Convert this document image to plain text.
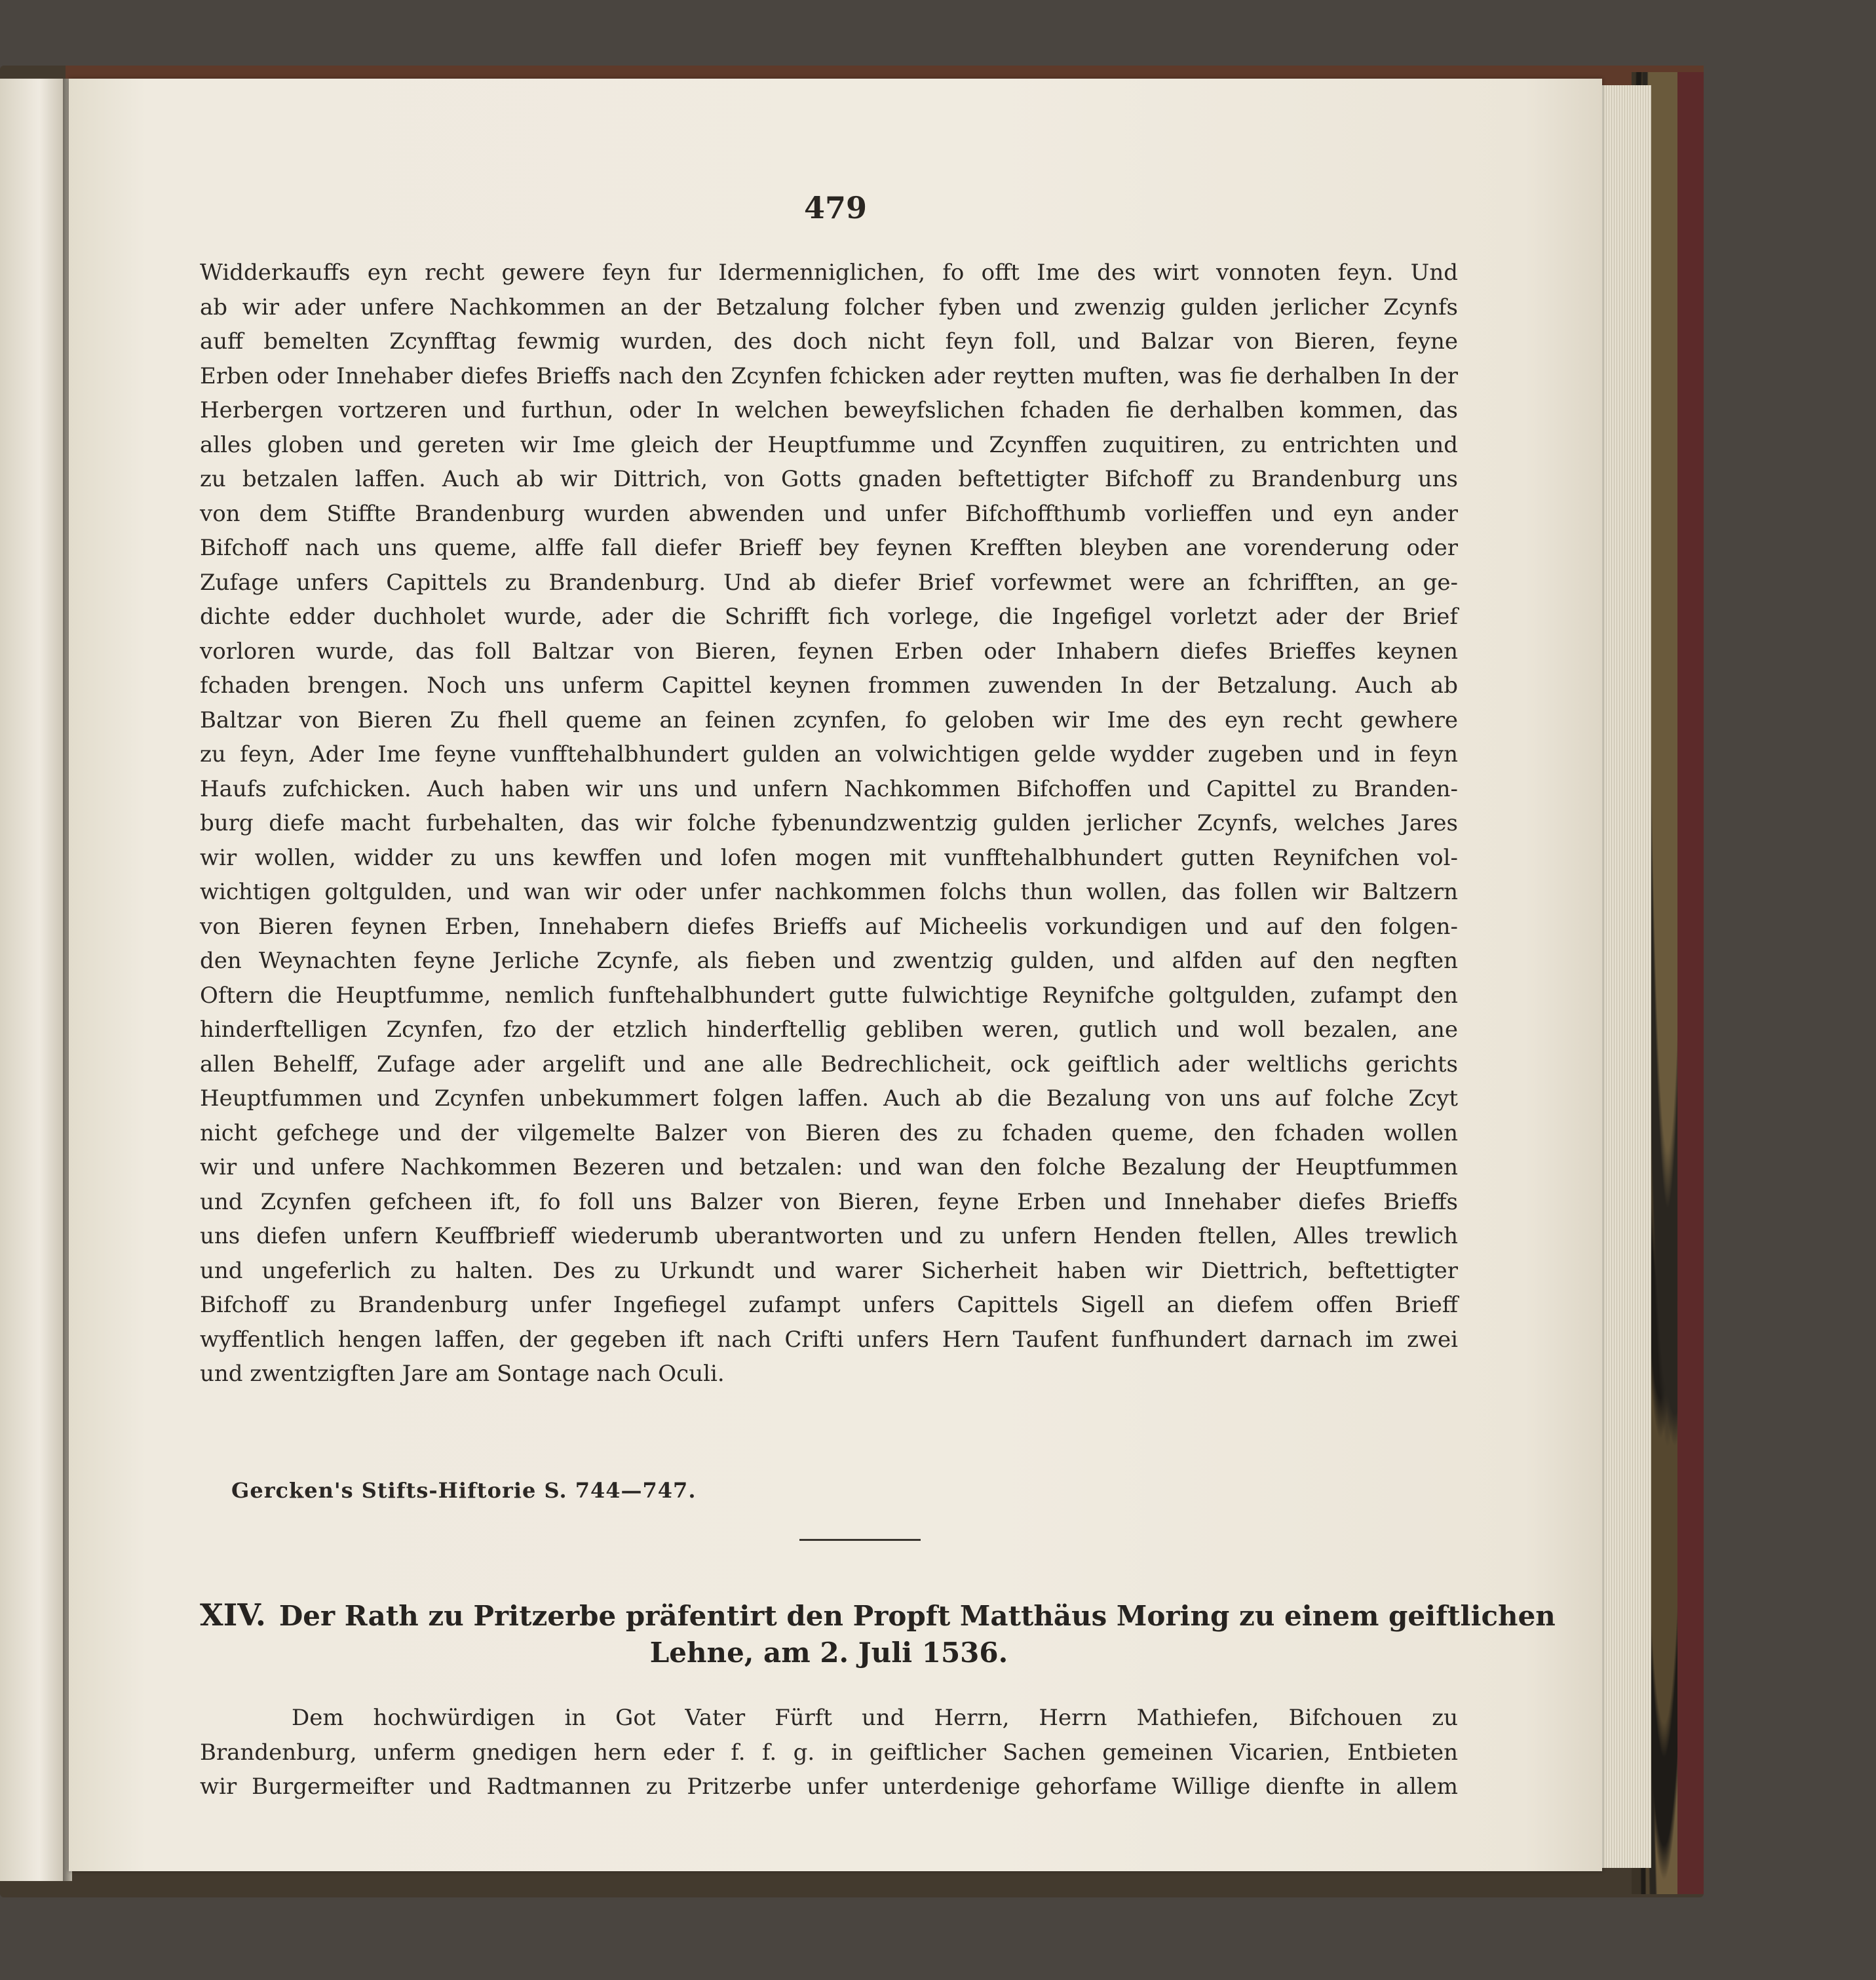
479
Widderkauffs eyn recht gewere feyn fur Idermenniglichen, fo offt Ime des wirt vonnoten feyn. Und
ab wir ader unfere Nachkommen an der Betzalung folcher fyben und zwenzig gulden jerlicher Zcynfs
auff bemelten Zcynfftag fewmig wurden, des doch nicht feyn foll, und Balzar von Bieren, feyne
Erben oder Innehaber diefes Brieffs nach den Zcynfen fchicken ader reytten muften, was fie derhalben In der
Herbergen vortzeren und furthun, oder In welchen beweyfslichen fchaden fie derhalben kommen, das
alles globen und gereten wir Ime gleich der Heuptfumme und Zcynffen zuquitiren, zu entrichten und
zu betzalen laffen. Auch ab wir Dittrich, von Gotts gnaden beftettigter Bifchoff zu Brandenburg uns
von dem Stiffte Brandenburg wurden abwenden und unfer Bifchoffthumb vorlieffen und eyn ander
Bifchoff nach uns queme, alffe fall diefer Brieff bey feynen Krefften bleyben ane vorenderung oder
Zufage unfers Capittels zu Brandenburg. Und ab diefer Brief vorfewmet were an fchrifften, an ge-
dichte edder duchholet wurde, ader die Schrifft fich vorlege, die Ingefigel vorletzt ader der Brief
vorloren wurde, das foll Baltzar von Bieren, feynen Erben oder Inhabern diefes Brieffes keynen
fchaden brengen. Noch uns unferm Capittel keynen frommen zuwenden In der Betzalung. Auch ab
Baltzar von Bieren Zu fhell queme an feinen zcynfen, fo geloben wir Ime des eyn recht gewhere
zu feyn, Ader Ime feyne vunfftehalbhundert gulden an volwichtigen gelde wydder zugeben und in feyn
Haufs zufchicken. Auch haben wir uns und unfern Nachkommen Bifchoffen und Capittel zu Branden-
burg diefe macht furbehalten, das wir folche fybenundzwentzig gulden jerlicher Zcynfs, welches Jares
wir wollen, widder zu uns kewffen und lofen mogen mit vunfftehalbhundert gutten Reynifchen vol-
wichtigen goltgulden, und wan wir oder unfer nachkommen folchs thun wollen, das follen wir Baltzern
von Bieren feynen Erben, Innehabern diefes Brieffs auf Micheelis vorkundigen und auf den folgen-
den Weynachten feyne Jerliche Zcynfe, als fieben und zwentzig gulden, und alfden auf den negften
Oftern die Heuptfumme, nemlich funftehalbhundert gutte fulwichtige Reynifche goltgulden, zufampt den
hinderftelligen Zcynfen, fzo der etzlich hinderftellig gebliben weren, gutlich und woll bezalen, ane
allen Behelff, Zufage ader argelift und ane alle Bedrechlicheit, ock geiftlich ader weltlichs gerichts
Heuptfummen und Zcynfen unbekummert folgen laffen. Auch ab die Bezalung von uns auf folche Zcyt
nicht gefchege und der vilgemelte Balzer von Bieren des zu fchaden queme, den fchaden wollen
wir und unfere Nachkommen Bezeren und betzalen: und wan den folche Bezalung der Heuptfummen
und Zcynfen gefcheen ift, fo foll uns Balzer von Bieren, feyne Erben und Innehaber diefes Brieffs
uns diefen unfern Keuffbrieff wiederumb uberantworten und zu unfern Henden ftellen, Alles trewlich
und ungeferlich zu halten. Des zu Urkundt und warer Sicherheit haben wir Diettrich, beftettigter
Bifchoff zu Brandenburg unfer Ingefiegel zufampt unfers Capittels Sigell an diefem offen Brieff
wyffentlich hengen laffen, der gegeben ift nach Crifti unfers Hern Taufent funfhundert darnach im zwei
und zwentzigften Jare am Sontage nach Oculi.
Gercken's Stifts-Hiftorie S. 744—747.
XIV. Der Rath zu Pritzerbe präfentirt den Propft Matthäus Moring zu einem geiftlichen
Lehne, am 2. Juli 1536.
Dem hochwürdigen in Got Vater Fürft und Herrn, Herrn Mathiefen, Bifchouen zu
Brandenburg, unferm gnedigen hern eder f. f. g. in geiftlicher Sachen gemeinen Vicarien, Entbieten
wir Burgermeifter und Radtmannen zu Pritzerbe unfer unterdenige gehorfame Willige dienfte in allem
